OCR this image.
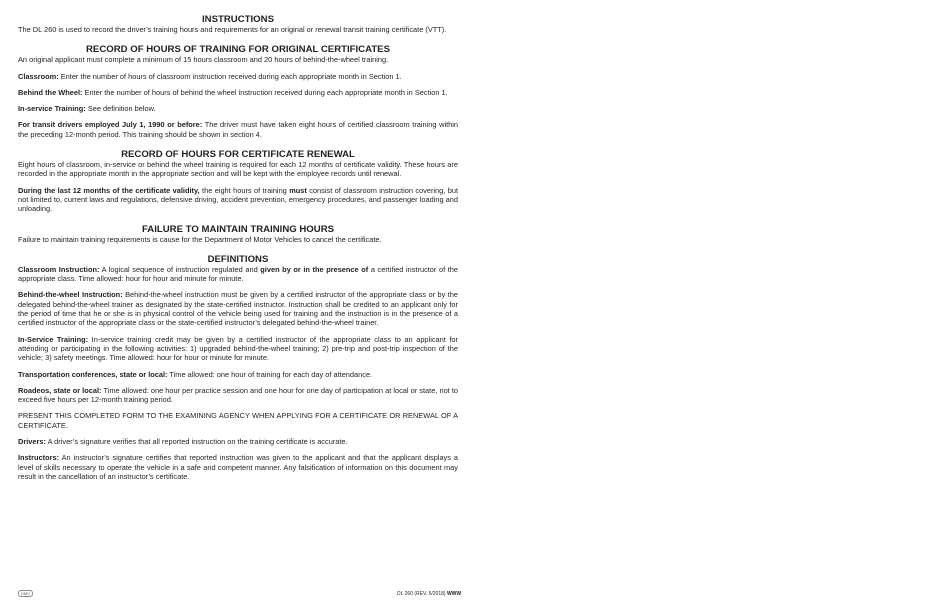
INSTRUCTIONS

The DL 260 is used to record the driver’s training hours and requirements for an original or renewal transit training certificate (VTT).

RECORD OF HOURS OF TRAINING FOR ORIGINAL CERTIFICATES

An original applicant must complete a minimum of 15 hours classroom and 20 hours of behind-the-wheel training.

Classroom: Enter the number of hours of classroom instruction received during each appropriate month in Section 1.

Behind the Wheel: Enter the number of hours of behind the wheel instruction received during each appropriate month in Section 1.

In-service Training: See definition below.

For transit drivers employed July 1, 1990 or before: The driver must have taken eight hours of certified classroom training within the preceding 12-month period. This training should be shown in section 4.

RECORD OF HOURS FOR CERTIFICATE RENEWAL

Eight hours of classroom, in-service or behind the wheel training is required for each 12 months of certificate validity. These hours are recorded in the appropriate month in the appropriate section and will be kept with the employee records until renewal.

During the last 12 months of the certificate validity, the eight hours of training must consist of classroom instruction covering, but not limited to, current laws and regulations, defensive driving, accident prevention, emergency procedures, and passenger loading and unloading.

FAILURE TO MAINTAIN TRAINING HOURS

Failure to maintain training requirements is cause for the Department of Motor Vehicles to cancel the certificate.

DEFINITIONS

Classroom Instruction: A logical sequence of instruction regulated and given by or in the presence of a certified instructor of the appropriate class. Time allowed: hour for hour and minute for minute.

Behind-the-wheel Instruction: Behind-the-wheel instruction must be given by a certified instructor of the appropriate class or by the delegated behind-the-wheel trainer as designated by the state-certified instructor. Instruction shall be credited to an applicant only for the period of time that he or she is in physical control of the vehicle being used for training and the instruction is in the presence of a certified instructor of the appropriate class or the state-certified instructor’s delegated behind-the-wheel trainer.

In-Service Training: In-service training credit may be given by a certified instructor of the appropriate class to an applicant for attending or participating in the following activities: 1) upgraded behind-the-wheel training; 2) pre-trip and post-trip inspection of the vehicle; 3) safety meetings. Time allowed: hour for hour or minute for minute.

Transportation conferences, state or local: Time allowed: one hour of training for each day of attendance.

Roadeos, state or local: Time allowed: one hour per practice session and one hour for one day of participation at local or state, not to exceed five hours per 12-month training period.

PRESENT THIS COMPLETED FORM TO THE EXAMINING AGENCY WHEN APPLYING FOR A CERTIFICATE OR RENEWAL OF A CERTIFICATE.

Drivers: A driver’s signature verifies that all reported instruction on the training certificate is accurate.

Instructors: An instructor’s signature certifies that reported instruction was given to the applicant and that the applicant displays a level of skills necessary to operate the vehicle in a safe and competent manner. Any falsification of information on this document may result in the cancellation of an instructor’s certificate.

DMV	DL 260 (REV. 5/2018) WWW
